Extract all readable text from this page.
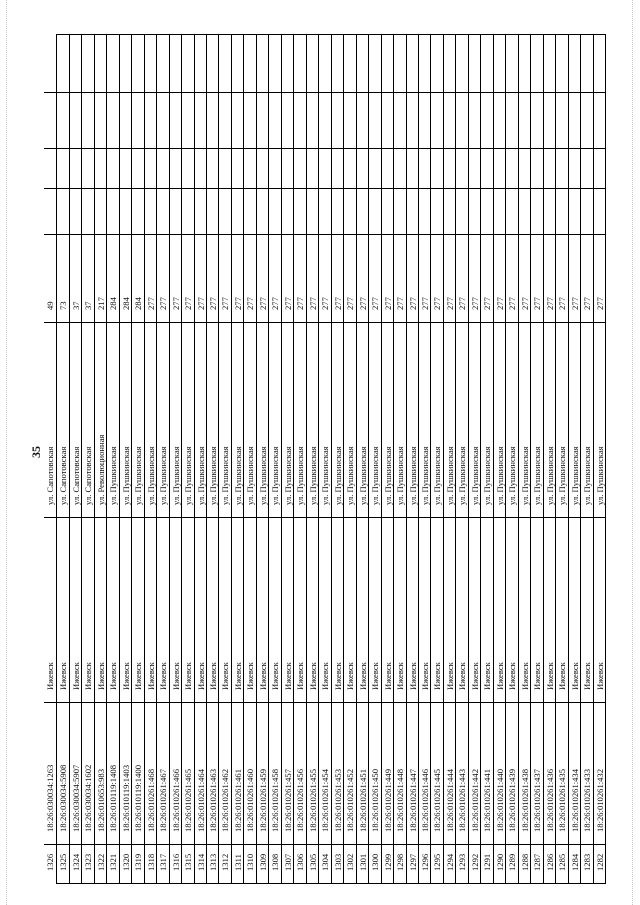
35
1282
18:26:010261:432
Ижевск
ул. Пушкинская
277
1283
18:26:010261:433
Ижевск
ул. Пушкинская
277
1284
18:26:010261:434
Ижевск
ул. Пушкинская
277
1285
18:26:010261:435
Ижевск
ул. Пушкинская
277
1286
18:26:010261:436
Ижевск
ул. Пушкинская
277
1287
18:26:010261:437
Ижевск
ул. Пушкинская
277
1288
18:26:010261:438
Ижевск
ул. Пушкинская
277
1289
18:26:010261:439
Ижевск
ул. Пушкинская
277
1290
18:26:010261:440
Ижевск
ул. Пушкинская
277
1291
18:26:010261:441
Ижевск
ул. Пушкинская
277
1292
18:26:010261:442
Ижевск
ул. Пушкинская
277
1293
18:26:010261:443
Ижевск
ул. Пушкинская
277
1294
18:26:010261:444
Ижевск
ул. Пушкинская
277
1295
18:26:010261:445
Ижевск
ул. Пушкинская
277
1296
18:26:010261:446
Ижевск
ул. Пушкинская
277
1297
18:26:010261:447
Ижевск
ул. Пушкинская
277
1298
18:26:010261:448
Ижевск
ул. Пушкинская
277
1299
18:26:010261:449
Ижевск
ул. Пушкинская
277
1300
18:26:010261:450
Ижевск
ул. Пушкинская
277
1301
18:26:010261:451
Ижевск
ул. Пушкинская
277
1302
18:26:010261:452
Ижевск
ул. Пушкинская
277
1303
18:26:010261:453
Ижевск
ул. Пушкинская
277
1304
18:26:010261:454
Ижевск
ул. Пушкинская
277
1305
18:26:010261:455
Ижевск
ул. Пушкинская
277
1306
18:26:010261:456
Ижевск
ул. Пушкинская
277
1307
18:26:010261:457
Ижевск
ул. Пушкинская
277
1308
18:26:010261:458
Ижевск
ул. Пушкинская
277
1309
18:26:010261:459
Ижевск
ул. Пушкинская
277
1310
18:26:010261:460
Ижевск
ул. Пушкинская
277
1311
18:26:010261:461
Ижевск
ул. Пушкинская
277
1312
18:26:010261:462
Ижевск
ул. Пушкинская
277
1313
18:26:010261:463
Ижевск
ул. Пушкинская
277
1314
18:26:010261:464
Ижевск
ул. Пушкинская
277
1315
18:26:010261:465
Ижевск
ул. Пушкинская
277
1316
18:26:010261:466
Ижевск
ул. Пушкинская
277
1317
18:26:010261:467
Ижевск
ул. Пушкинская
277
1318
18:26:010261:468
Ижевск
ул. Пушкинская
277
1319
18:26:010119:1400
Ижевск
ул. Пушкинская
284
1320
18:26:010119:1403
Ижевск
ул. Пушкинская
284
1321
18:26:010119:1408
Ижевск
ул. Пушкинская
284
1322
18:26:010653:983
Ижевск
ул. Революционная
217
1323
18:26:030034:1602
Ижевск
ул. Сапотовская
37
1324
18:26:030034:5907
Ижевск
ул. Сапотовская
37
1325
18:26:030034:5908
Ижевск
ул. Сапотовская
73
1326
18:26:030034:1263
Ижевск
ул. Сапотовская
49
